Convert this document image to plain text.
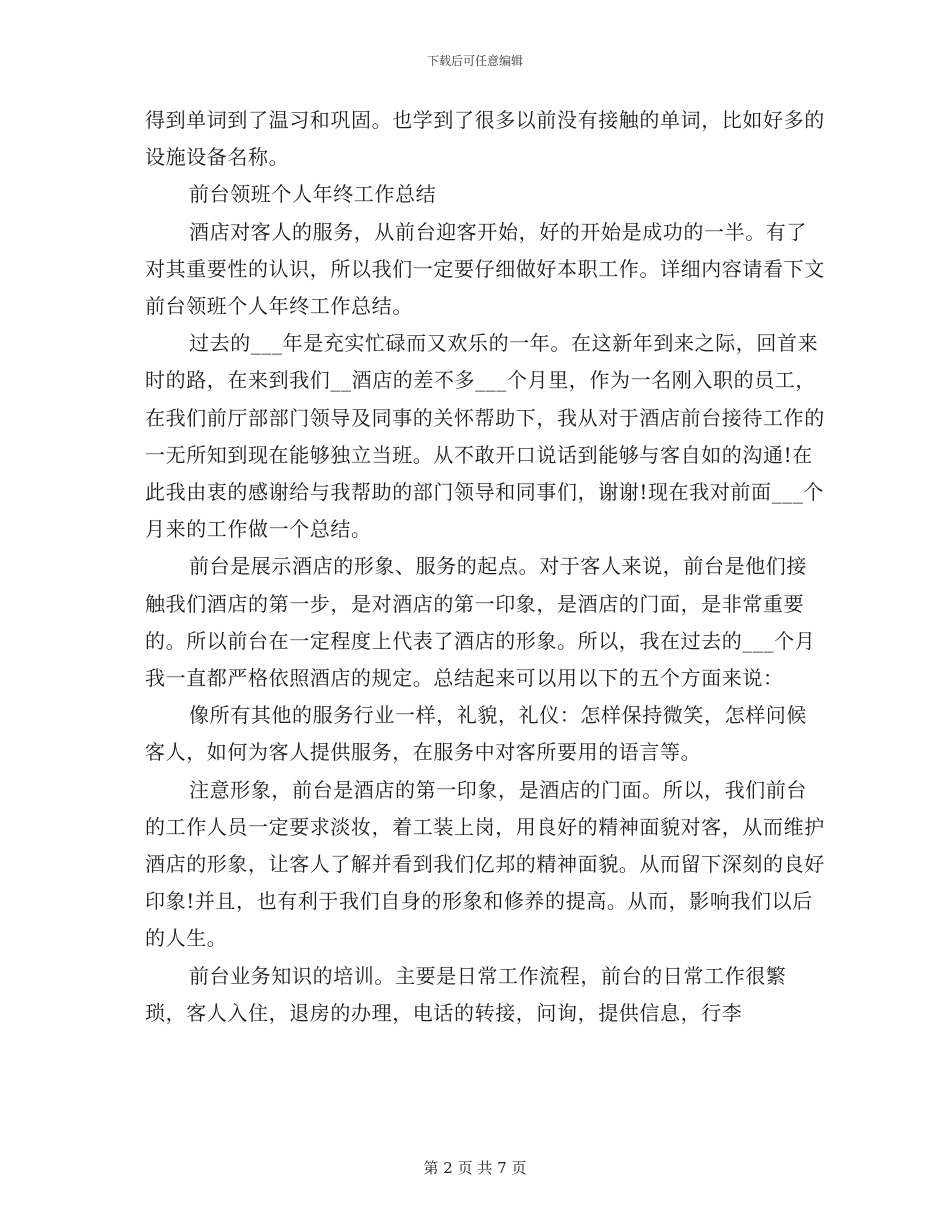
下载后可任意编辑

得到单词到了温习和巩固。也学到了很多以前没有接触的单词，比如好多的设施设备名称。

前台领班个人年终工作总结

酒店对客人的服务，从前台迎客开始，好的开始是成功的一半。有了对其重要性的认识，所以我们一定要仔细做好本职工作。详细内容请看下文前台领班个人年终工作总结。

过去的___年是充实忙碌而又欢乐的一年。在这新年到来之际，回首来时的路，在来到我们__酒店的差不多___个月里，作为一名刚入职的员工，在我们前厅部部门领导及同事的关怀帮助下，我从对于酒店前台接待工作的一无所知到现在能够独立当班。从不敢开口说话到能够与客自如的沟通!在此我由衷的感谢给与我帮助的部门领导和同事们，谢谢!现在我对前面___个月来的工作做一个总结。

前台是展示酒店的形象、服务的起点。对于客人来说，前台是他们接触我们酒店的第一步，是对酒店的第一印象，是酒店的门面，是非常重要的。所以前台在一定程度上代表了酒店的形象。所以，我在过去的___个月我一直都严格依照酒店的规定。总结起来可以用以下的五个方面来说：

像所有其他的服务行业一样，礼貌，礼仪：怎样保持微笑，怎样问候客人，如何为客人提供服务，在服务中对客所要用的语言等。

注意形象，前台是酒店的第一印象，是酒店的门面。所以，我们前台的工作人员一定要求淡妆，着工装上岗，用良好的精神面貌对客，从而维护酒店的形象，让客人了解并看到我们亿邦的精神面貌。从而留下深刻的良好印象!并且，也有利于我们自身的形象和修养的提高。从而，影响我们以后的人生。

前台业务知识的培训。主要是日常工作流程，前台的日常工作很繁琐，客人入住，退房的办理，电话的转接，问询，提供信息，行李

第 2 页 共 7 页
